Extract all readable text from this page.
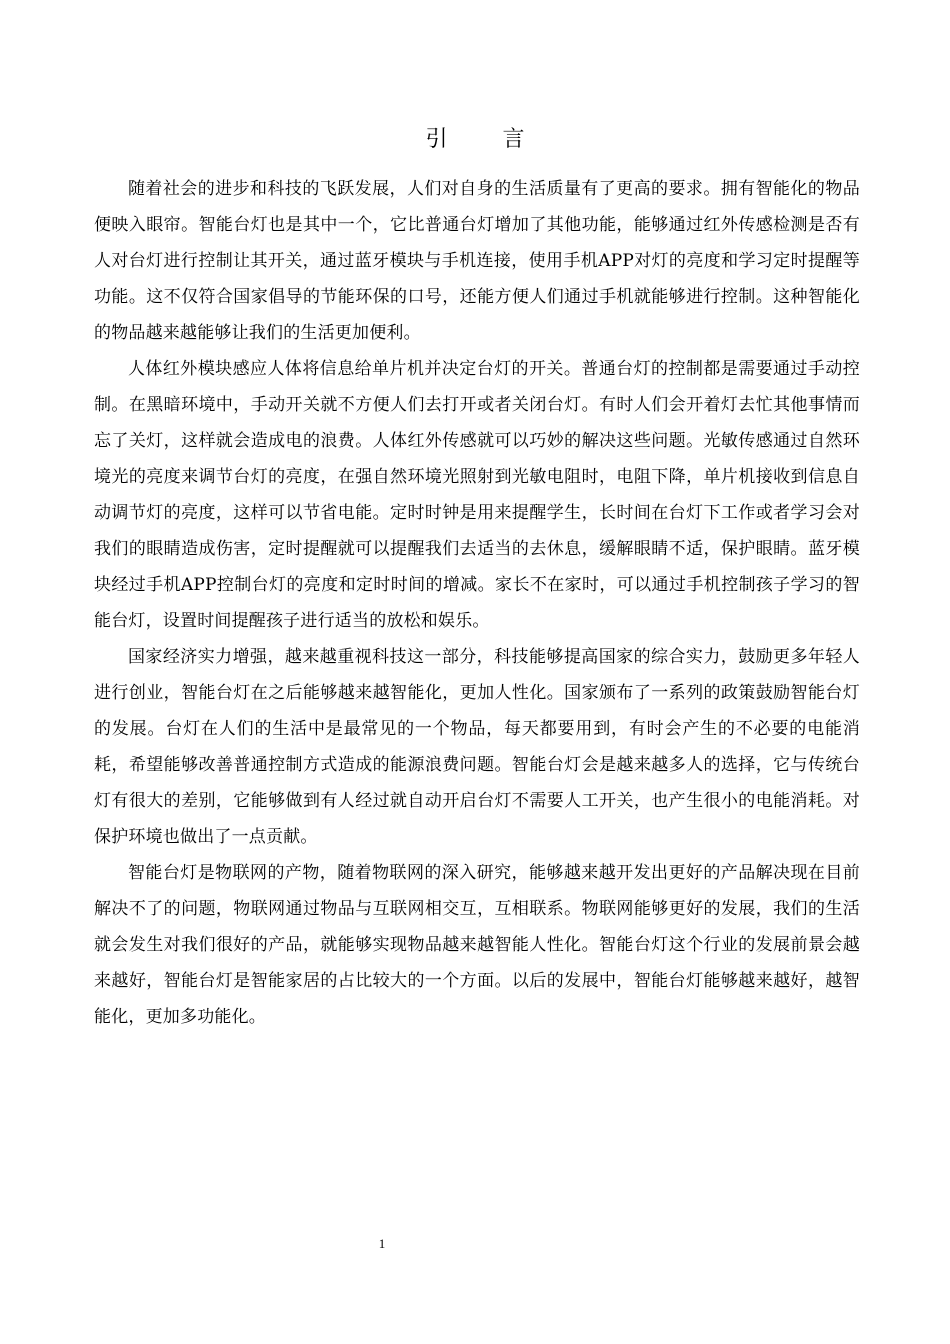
引 言

随着社会的进步和科技的飞跃发展，人们对自身的生活质量有了更高的要求。拥有智能化的物品便映入眼帘。智能台灯也是其中一个，它比普通台灯增加了其他功能，能够通过红外传感检测是否有人对台灯进行控制让其开关，通过蓝牙模块与手机连接，使用手机APP对灯的亮度和学习定时提醒等功能。这不仅符合国家倡导的节能环保的口号，还能方便人们通过手机就能够进行控制。这种智能化的物品越来越能够让我们的生活更加便利。

人体红外模块感应人体将信息给单片机并决定台灯的开关。普通台灯的控制都是需要通过手动控制。在黑暗环境中，手动开关就不方便人们去打开或者关闭台灯。有时人们会开着灯去忙其他事情而忘了关灯，这样就会造成电的浪费。人体红外传感就可以巧妙的解决这些问题。光敏传感通过自然环境光的亮度来调节台灯的亮度，在强自然环境光照射到光敏电阻时，电阻下降，单片机接收到信息自动调节灯的亮度，这样可以节省电能。定时时钟是用来提醒学生，长时间在台灯下工作或者学习会对我们的眼睛造成伤害，定时提醒就可以提醒我们去适当的去休息，缓解眼睛不适，保护眼睛。蓝牙模块经过手机APP控制台灯的亮度和定时时间的增减。家长不在家时，可以通过手机控制孩子学习的智能台灯，设置时间提醒孩子进行适当的放松和娱乐。

国家经济实力增强，越来越重视科技这一部分，科技能够提高国家的综合实力，鼓励更多年轻人进行创业，智能台灯在之后能够越来越智能化，更加人性化。国家颁布了一系列的政策鼓励智能台灯的发展。台灯在人们的生活中是最常见的一个物品，每天都要用到，有时会产生的不必要的电能消耗，希望能够改善普通控制方式造成的能源浪费问题。智能台灯会是越来越多人的选择，它与传统台灯有很大的差别，它能够做到有人经过就自动开启台灯不需要人工开关，也产生很小的电能消耗。对保护环境也做出了一点贡献。

智能台灯是物联网的产物，随着物联网的深入研究，能够越来越开发出更好的产品解决现在目前解决不了的问题，物联网通过物品与互联网相交互，互相联系。物联网能够更好的发展，我们的生活就会发生对我们很好的产品，就能够实现物品越来越智能人性化。智能台灯这个行业的发展前景会越来越好，智能台灯是智能家居的占比较大的一个方面。以后的发展中，智能台灯能够越来越好，越智能化，更加多功能化。

1
